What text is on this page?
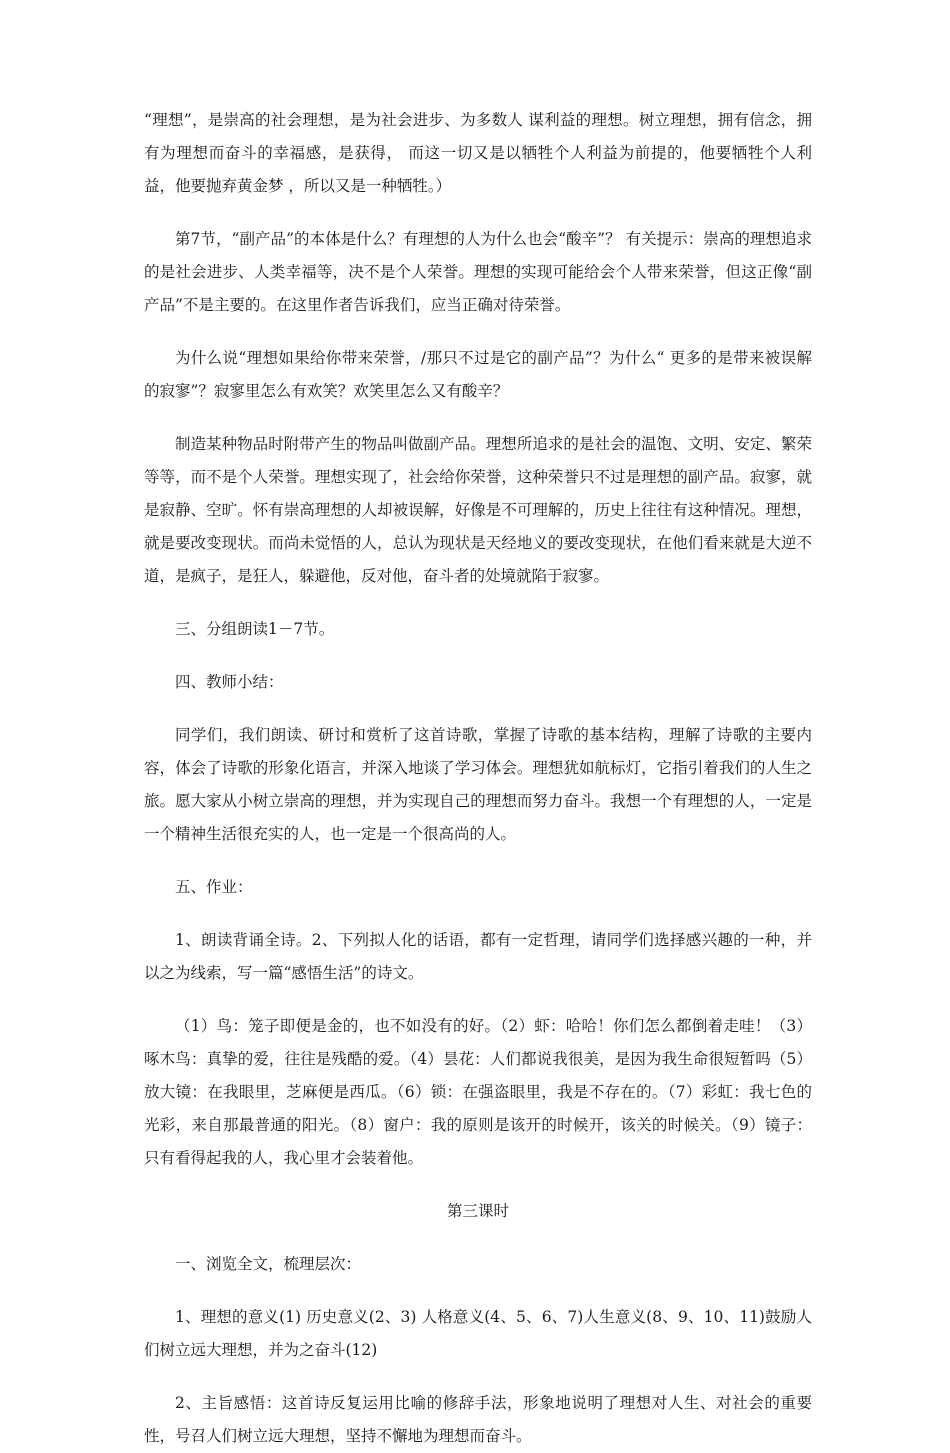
“理想”，是崇高的社会理想，是为社会进步、为多数人 谋利益的理想。树立理想，拥有信念，拥有为理想而奋斗的幸福感，是获得， 而这一切又是以牺牲个人利益为前提的，他要牺牲个人利益，他要抛弃黄金梦 ，所以又是一种牺牲。）

第7节，“副产品”的本体是什么？有理想的人为什么也会“酸辛”？ 有关提示：崇高的理想追求的是社会进步、人类幸福等，决不是个人荣誉。理想的实现可能给会个人带来荣誉，但这正像“副产品”不是主要的。在这里作者告诉我们，应当正确对待荣誉。

为什么说“理想如果给你带来荣誉，/那只不过是它的副产品”？为什么“ 更多的是带来被误解的寂寥”？寂寥里怎么有欢笑？欢笑里怎么又有酸辛？

制造某种物品时附带产生的物品叫做副产品。理想所追求的是社会的温饱、文明、安定、繁荣等等，而不是个人荣誉。理想实现了，社会给你荣誉，这种荣誉只不过是理想的副产品。寂寥，就是寂静、空旷。怀有崇高理想的人却被误解，好像是不可理解的，历史上往往有这种情况。理想，就是要改变现状。而尚未觉悟的人，总认为现状是天经地义的要改变现状，在他们看来就是大逆不道，是疯子，是狂人，躲避他，反对他，奋斗者的处境就陷于寂寥。

三、分组朗读1－7节。

四、教师小结：

同学们，我们朗读、研讨和赏析了这首诗歌，掌握了诗歌的基本结构，理解了诗歌的主要内容，体会了诗歌的形象化语言，并深入地谈了学习体会。理想犹如航标灯，它指引着我们的人生之旅。愿大家从小树立崇高的理想，并为实现自己的理想而努力奋斗。我想一个有理想的人，一定是一个精神生活很充实的人，也一定是一个很高尚的人。

五、作业：

1、朗读背诵全诗。2、下列拟人化的话语，都有一定哲理，请同学们选择感兴趣的一种，并以之为线索，写一篇“感悟生活”的诗文。

（1）鸟：笼子即便是金的，也不如没有的好。（2）虾：哈哈！你们怎么都倒着走哇！（3）啄木鸟：真挚的爱，往往是残酷的爱。（4）昙花：人们都说我很美，是因为我生命很短暂吗（5）放大镜：在我眼里，芝麻便是西瓜。（6）锁：在强盗眼里，我是不存在的。（7）彩虹：我七色的光彩，来自那最普通的阳光。（8）窗户：我的原则是该开的时候开，该关的时候关。（9）镜子：只有看得起我的人，我心里才会装着他。

第三课时

一、浏览全文，梳理层次：

1、理想的意义(1) 历史意义(2、3) 人格意义(4、5、6、7)人生意义(8、9、10、11)鼓励人们树立远大理想，并为之奋斗(12)

2、主旨感悟：这首诗反复运用比喻的修辞手法，形象地说明了理想对人生、对社会的重要性，号召人们树立远大理想，坚持不懈地为理想而奋斗。
